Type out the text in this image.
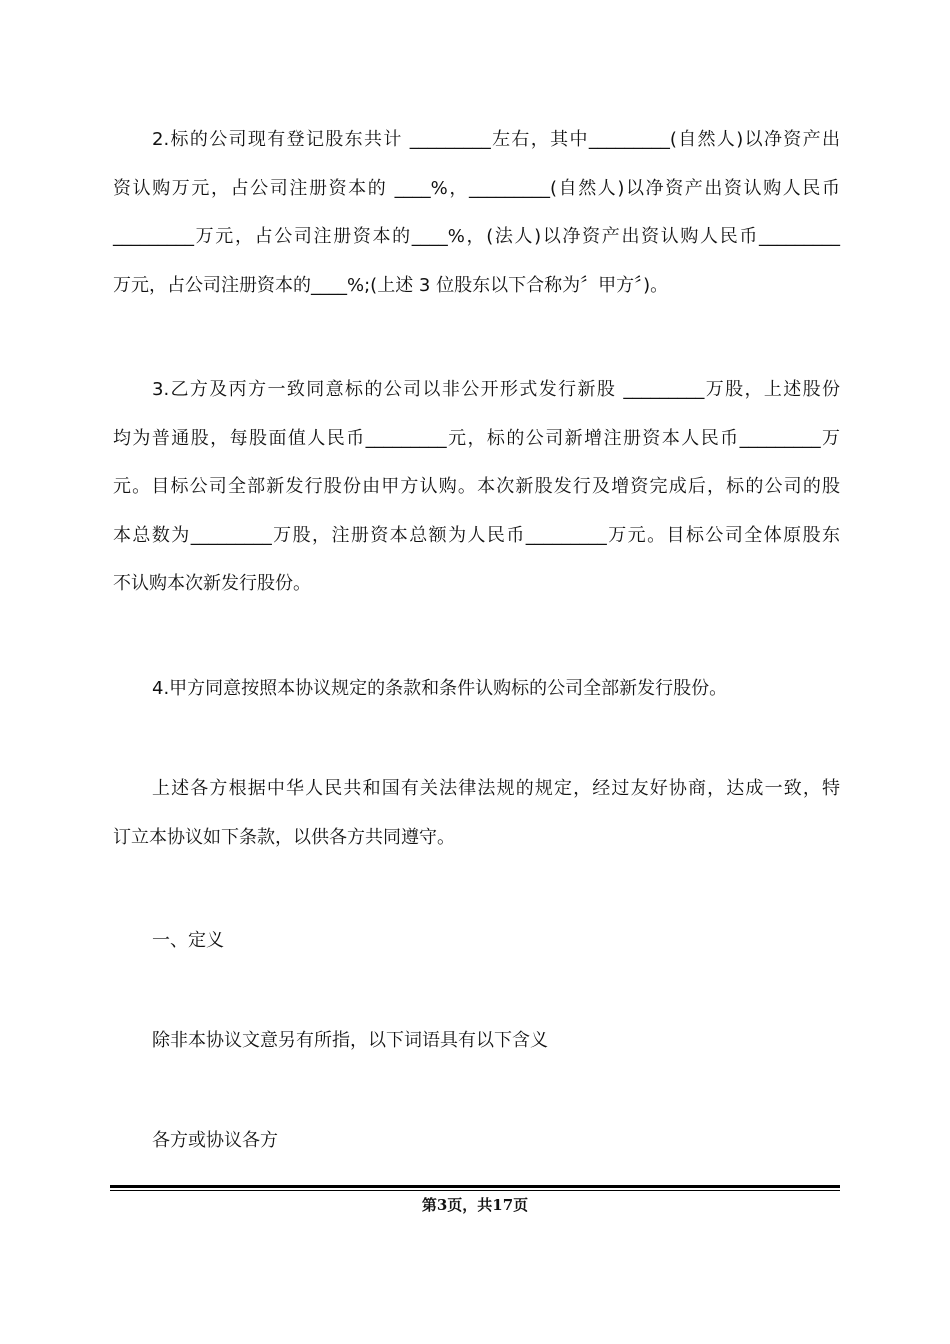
2.标的公司现有登记股东共计 _________左右，其中_________(自然人)以净资产出
资认购万元，占公司注册资本的 ____%，_________(自然人)以净资产出资认购人民币
_________万元，占公司注册资本的____%，(法人)以净资产出资认购人民币_________
万元，占公司注册资本的____%;(上述 3 位股东以下合称为〞甲方〞)。
3.乙方及丙方一致同意标的公司以非公开形式发行新股 _________万股，上述股份
均为普通股，每股面值人民币_________元，标的公司新增注册资本人民币_________万
元。目标公司全部新发行股份由甲方认购。本次新股发行及增资完成后，标的公司的股
本总数为_________万股，注册资本总额为人民币_________万元。目标公司全体原股东
不认购本次新发行股份。
4.甲方同意按照本协议规定的条款和条件认购标的公司全部新发行股份。
上述各方根据中华人民共和国有关法律法规的规定，经过友好协商，达成一致，特
订立本协议如下条款，以供各方共同遵守。

一、定义

除非本协议文意另有所指，以下词语具有以下含义

各方或协议各方

第3页，共17页
